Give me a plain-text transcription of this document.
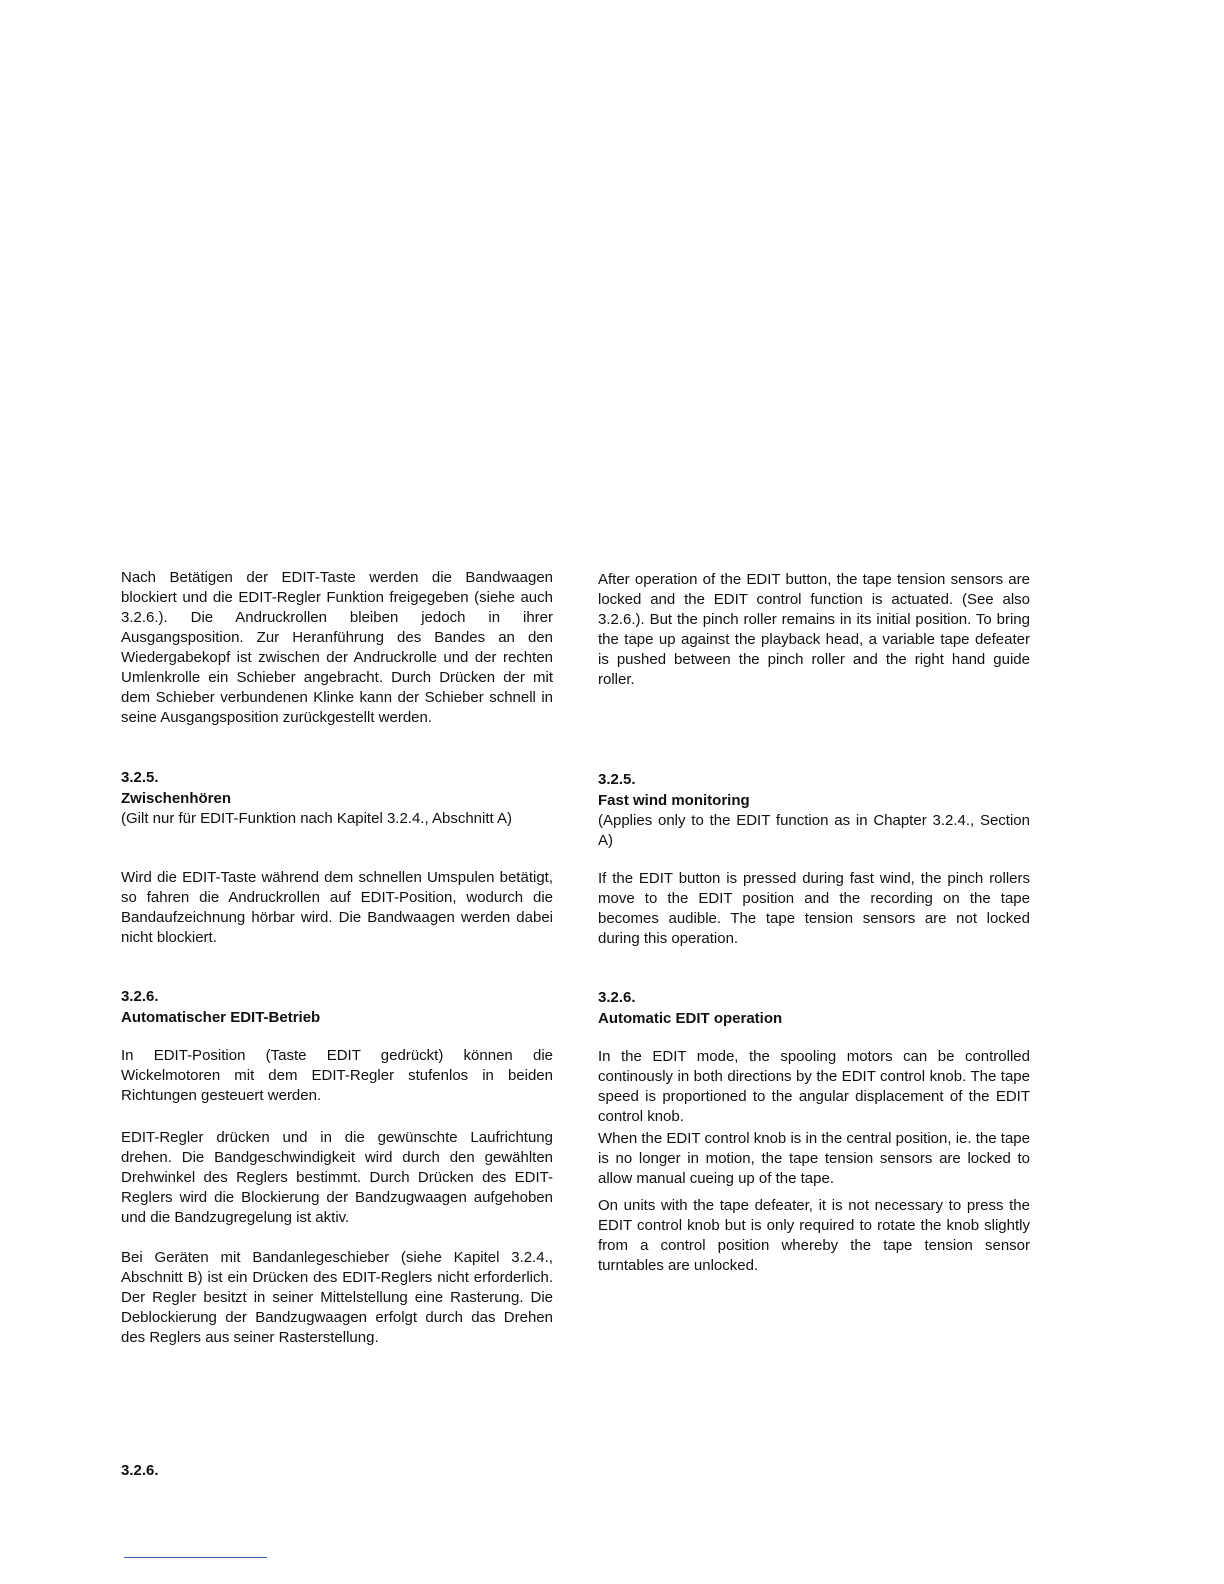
Nach Betätigen der EDIT-Taste werden die Bandwaagen blockiert und die EDIT-Regler Funktion freigegeben (siehe auch 3.2.6.). Die Andruckrollen bleiben jedoch in ihrer Ausgangsposition. Zur Heranführung des Bandes an den Wiedergabekopf ist zwischen der Andruckrolle und der rechten Umlenkrolle ein Schieber angebracht. Durch Drücken der mit dem Schieber verbundenen Klinke kann der Schieber schnell in seine Ausgangsposition zurückgestellt werden.

3.2.5.

Zwischenhören

(Gilt nur für EDIT-Funktion nach Kapitel 3.2.4., Abschnitt A)

Wird die EDIT-Taste während dem schnellen Umspulen betätigt, so fahren die Andruckrollen auf EDIT-Position, wodurch die Bandaufzeichnung hörbar wird. Die Bandwaagen werden dabei nicht blockiert.

3.2.6.

Automatischer EDIT-Betrieb

In EDIT-Position (Taste EDIT gedrückt) können die Wickelmotoren mit dem EDIT-Regler stufenlos in beiden Richtungen gesteuert werden.

EDIT-Regler drücken und in die gewünschte Laufrichtung drehen. Die Bandgeschwindigkeit wird durch den gewählten Drehwinkel des Reglers bestimmt. Durch Drücken des EDIT-Reglers wird die Blockierung der Bandzugwaagen aufgehoben und die Bandzugregelung ist aktiv.

Bei Geräten mit Bandanlegeschieber (siehe Kapitel 3.2.4., Abschnitt B) ist ein Drücken des EDIT-Reglers nicht erforderlich. Der Regler besitzt in seiner Mittelstellung eine Rasterung. Die Deblockierung der Bandzugwaagen erfolgt durch das Drehen des Reglers aus seiner Rasterstellung.

After operation of the EDIT button, the tape tension sensors are locked and the EDIT control function is actuated. (See also 3.2.6.). But the pinch roller remains in its initial position. To bring the tape up against the playback head, a variable tape defeater is pushed between the pinch roller and the right hand guide roller.

3.2.5.

Fast wind monitoring

(Applies only to the EDIT function as in Chapter 3.2.4., Section A)

If the EDIT button is pressed during fast wind, the pinch rollers move to the EDIT position and the recording on the tape becomes audible. The tape tension sensors are not locked during this operation.

3.2.6.

Automatic EDIT operation

In the EDIT mode, the spooling motors can be controlled continously in both directions by the EDIT control knob. The tape speed is proportioned to the angular displacement of the EDIT control knob.

When the EDIT control knob is in the central position, ie. the tape is no longer in motion, the tape tension sensors are locked to allow manual cueing up of the tape.

On units with the tape defeater, it is not necessary to press the EDIT control knob but is only required to rotate the knob slightly from a control position whereby the tape tension sensor turntables are unlocked.

3.2.6.
